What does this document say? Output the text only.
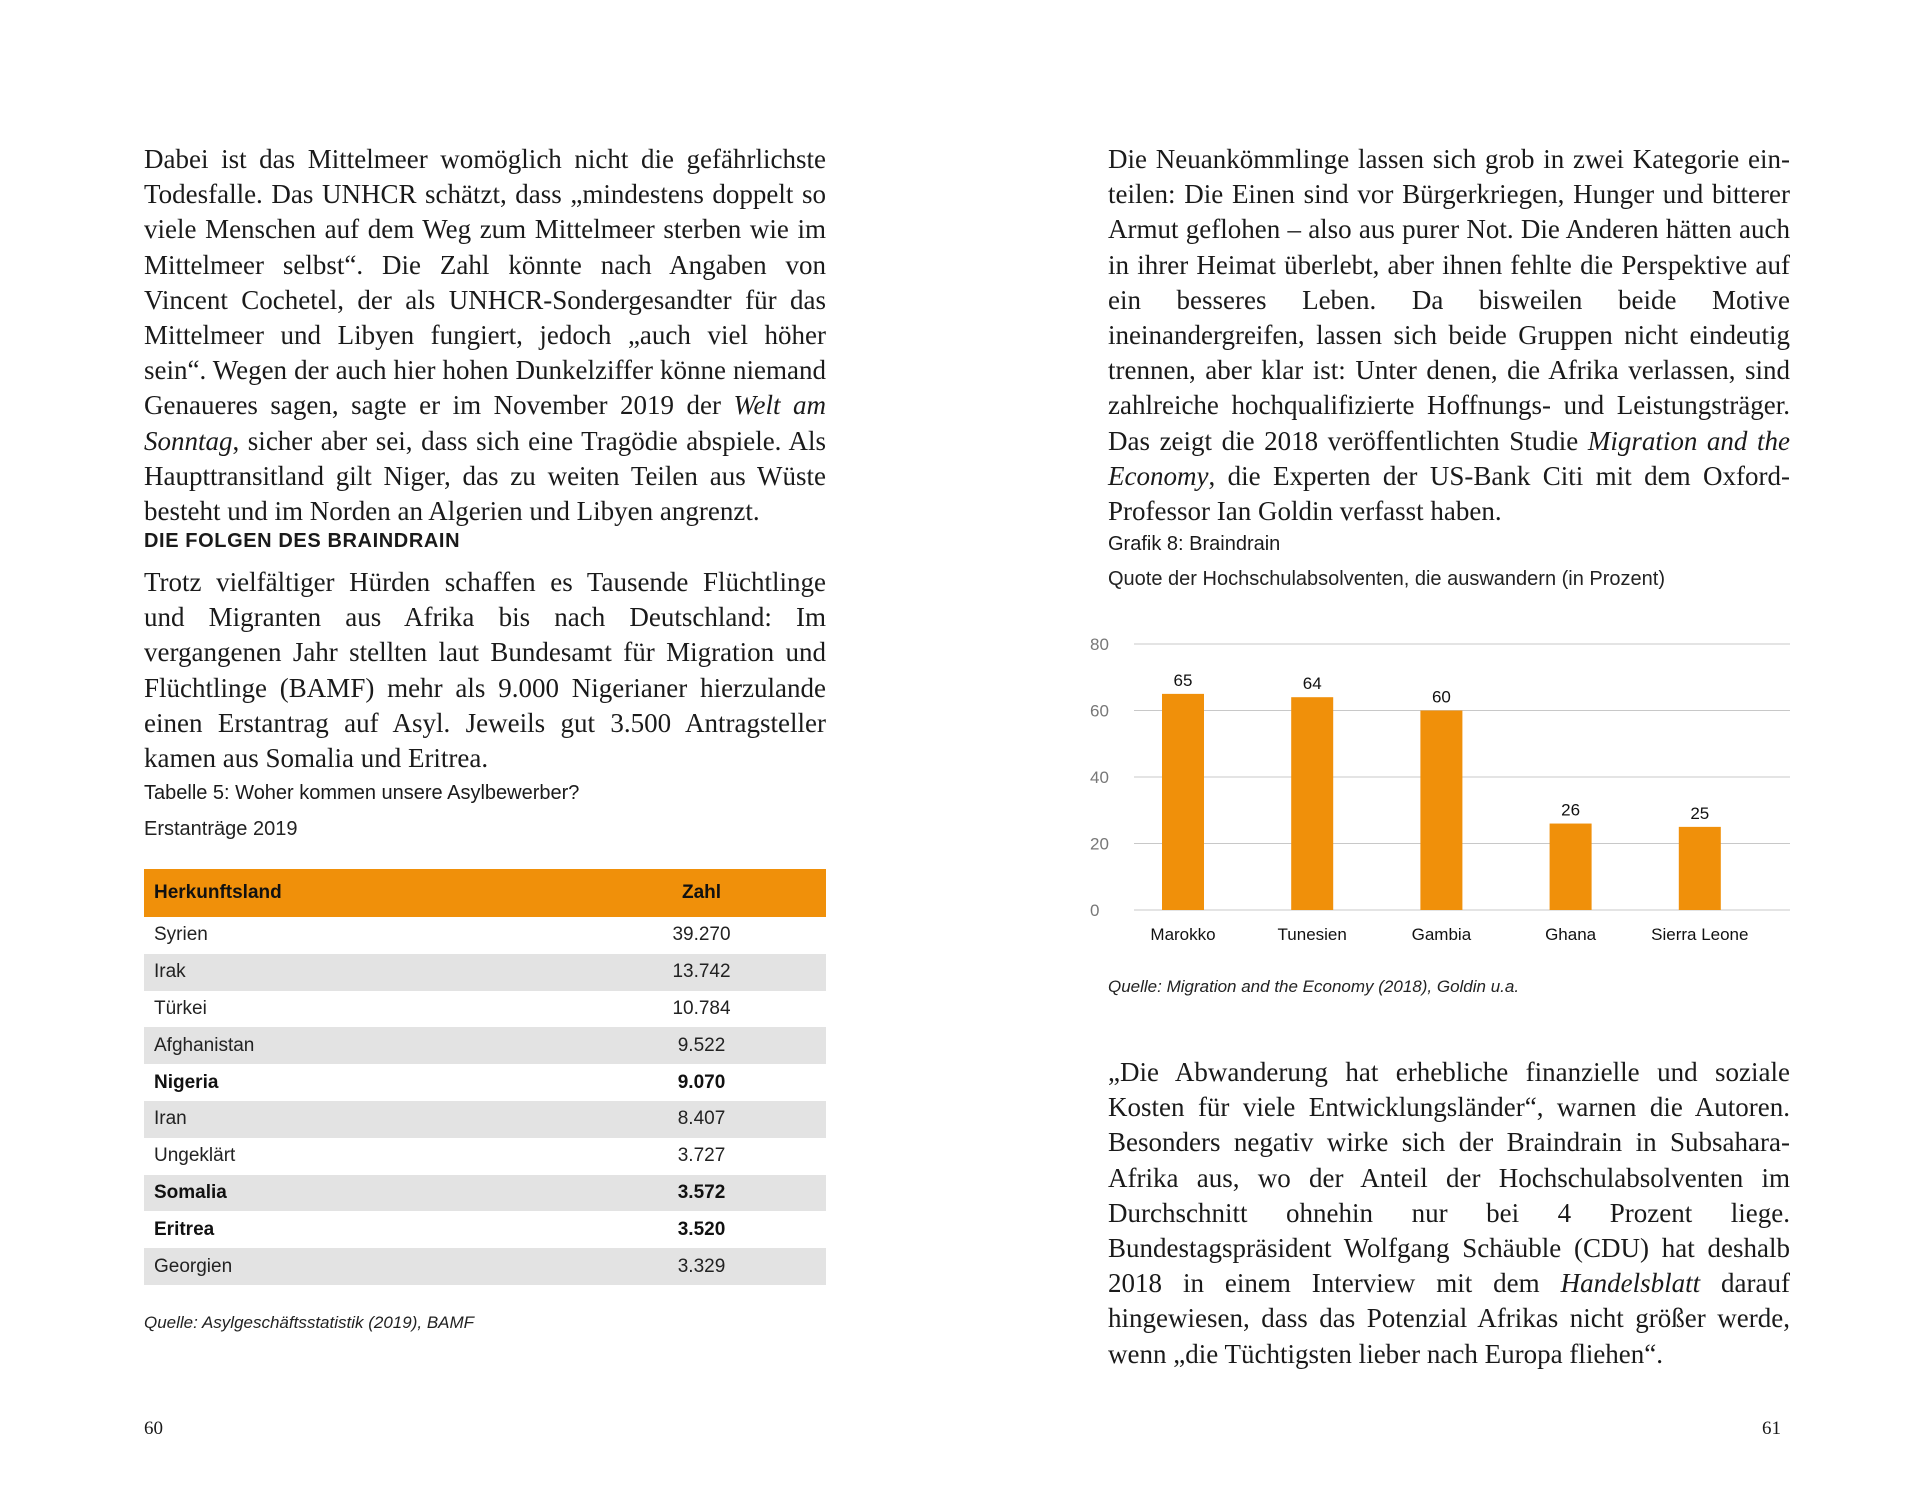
Dabei ist das Mittelmeer womöglich nicht die gefährlichste Todesfalle. Das UNHCR schätzt, dass „mindestens doppelt so viele Menschen auf dem Weg zum Mittelmeer sterben wie im Mittelmeer selbst“. Die Zahl könnte nach Angaben von Vincent Cochetel, der als UNHCR-Sondergesandter für das Mittelmeer und Libyen fungiert, jedoch „auch viel höher sein“. Wegen der auch hier hohen Dunkelziffer könne niemand Genaueres sagen, sagte er im November 2019 der Welt am Sonntag, sicher aber sei, dass sich eine Tragödie abspiele. Als Haupttransitland gilt Niger, das zu weiten Teilen aus Wüste besteht und im Norden an Algerien und Libyen angrenzt.

DIE FOLGEN DES BRAINDRAIN

Trotz vielfältiger Hürden schaffen es Tausende Flüchtlinge und Migranten aus Afrika bis nach Deutschland: Im vergangenen Jahr stellten laut Bundesamt für Migration und Flüchtlinge (BAMF) mehr als 9.000 Nigerianer hierzulande einen Erstantrag auf Asyl. Jeweils gut 3.500 Antragsteller kamen aus Somalia und Eritrea.

Tabelle 5: Woher kommen unsere Asylbewerber?
Erstanträge 2019
Herkunftsland	Zahl
Syrien	39.270
Irak	13.742
Türkei	10.784
Afghanistan	9.522
Nigeria	9.070
Iran	8.407
Ungeklärt	3.727
Somalia	3.572
Eritrea	3.520
Georgien	3.329
Quelle: Asylgeschäftsstatistik (2019), BAMF
60

Die Neuankömmlinge lassen sich grob in zwei Kategorie einteilen: Die Einen sind vor Bürgerkriegen, Hunger und bitterer Armut geflohen – also aus purer Not. Die Anderen hätten auch in ihrer Heimat überlebt, aber ihnen fehlte die Perspektive auf ein besseres Leben. Da bisweilen beide Motive ineinandergreifen, lassen sich beide Gruppen nicht eindeutig trennen, aber klar ist: Unter denen, die Afrika verlassen, sind zahlreiche hochqualifizierte Hoffnungs- und Leistungsträger. Das zeigt die 2018 veröffentlichten Studie Migration and the Economy, die Experten der US-Bank Citi mit dem Oxford-Professor Ian Goldin verfasst haben.

Grafik 8: Braindrain
Quote der Hochschulabsolventen, die auswandern (in Prozent)
Quelle: Migration and the Economy (2018), Goldin u.a.

„Die Abwanderung hat erhebliche finanzielle und soziale Kosten für viele Entwicklungsländer“, warnen die Autoren. Besonders negativ wirke sich der Braindrain in Subsahara-Afrika aus, wo der Anteil der Hochschulabsolventen im Durchschnitt ohnehin nur bei 4 Prozent liege. Bundestagspräsident Wolfgang Schäuble (CDU) hat deshalb 2018 in einem Interview mit dem Handelsblatt darauf hingewiesen, dass das Potenzial Afrikas nicht größer werde, wenn „die Tüchtigsten lieber nach Europa fliehen“.

61
0
20
40
60
80
65
Marokko
64
Tunesien
60
Gambia
26
Ghana
25
Sierra Leone
